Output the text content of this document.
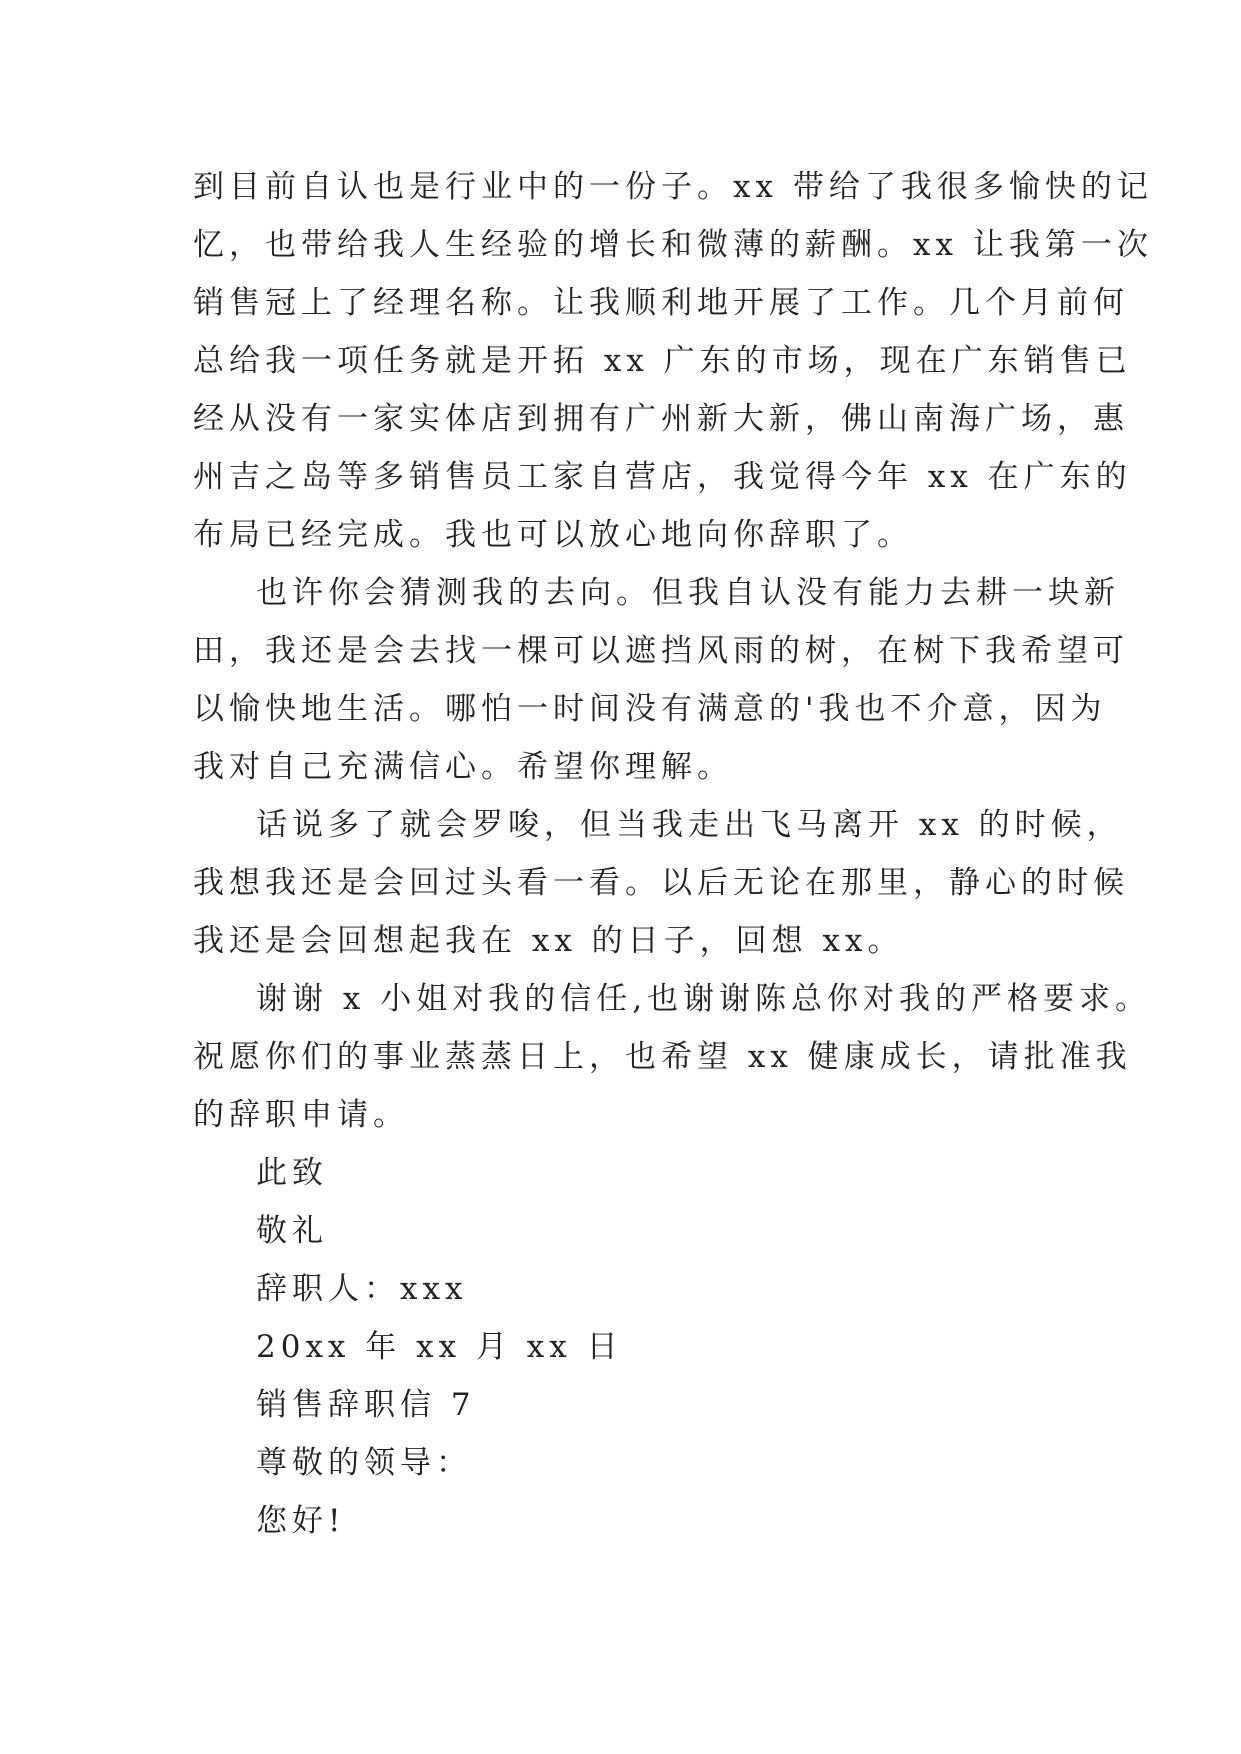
到目前自认也是行业中的一份子。xx 带给了我很多愉快的记
忆，也带给我人生经验的增长和微薄的薪酬。xx 让我第一次
销售冠上了经理名称。让我顺利地开展了工作。几个月前何
总给我一项任务就是开拓 xx 广东的市场，现在广东销售已
经从没有一家实体店到拥有广州新大新，佛山南海广场，惠
州吉之岛等多销售员工家自营店，我觉得今年 xx 在广东的
布局已经完成。我也可以放心地向你辞职了。
也许你会猜测我的去向。但我自认没有能力去耕一块新
田，我还是会去找一棵可以遮挡风雨的树，在树下我希望可
以愉快地生活。哪怕一时间没有满意的'我也不介意，因为
我对自己充满信心。希望你理解。
话说多了就会罗唆，但当我走出飞马离开 xx 的时候，
我想我还是会回过头看一看。以后无论在那里，静心的时候
我还是会回想起我在 xx 的日子，回想 xx。
谢谢 x 小姐对我的信任,也谢谢陈总你对我的严格要求。
祝愿你们的事业蒸蒸日上，也希望 xx 健康成长，请批准我
的辞职申请。
此致
敬礼
辞职人：xxx
20xx 年 xx 月 xx 日
销售辞职信 7
尊敬的领导：
您好!
